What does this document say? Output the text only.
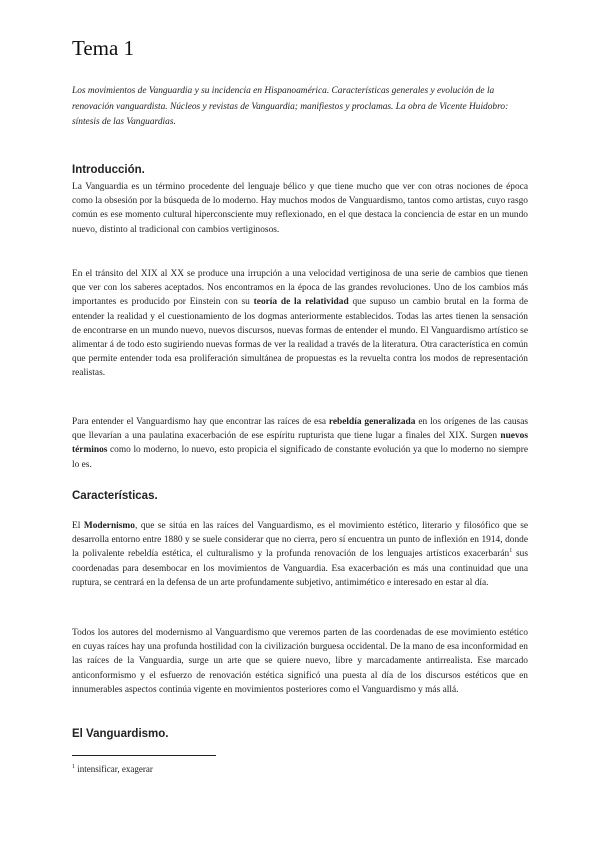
Tema 1

Los movimientos de Vanguardia y su incidencia en Hispanoamérica. Características generales y evolución de la renovación vanguardista. Núcleos y revistas de Vanguardia; manifiestos y proclamas. La obra de Vicente Huidobro: síntesis de las Vanguardias.

Introducción.

La Vanguardia es un término procedente del lenguaje bélico y que tiene mucho que ver con otras nociones de época como la obsesión por la búsqueda de lo moderno. Hay muchos modos de Vanguardismo, tantos como artistas, cuyo rasgo común es ese momento cultural hiperconsciente muy reflexionado, en el que destaca la conciencia de estar en un mundo nuevo, distinto al tradicional con cambios vertiginosos.

En el tránsito del XIX al XX se produce una irrupción a una velocidad vertiginosa de una serie de cambios que tienen que ver con los saberes aceptados. Nos encontramos en la época de las grandes revoluciones. Uno de los cambios más importantes es producido por Einstein con su teoría de la relatividad que supuso un cambio brutal en la forma de entender la realidad y el cuestionamiento de los dogmas anteriormente establecidos. Todas las artes tienen la sensación de encontrarse en un mundo nuevo, nuevos discursos, nuevas formas de entender el mundo. El Vanguardismo artístico se alimentar á de todo esto sugiriendo nuevas formas de ver la realidad a través de la literatura. Otra característica en común que permite entender toda esa proliferación simultánea de propuestas es la revuelta contra los modos de representación realistas.

Para entender el Vanguardismo hay que encontrar las raíces de esa rebeldía generalizada en los orígenes de las causas que llevarían a una paulatina exacerbación de ese espíritu rupturista que tiene lugar a finales del XIX. Surgen nuevos términos como lo moderno, lo nuevo, esto propicia el significado de constante evolución ya que lo moderno no siempre lo es.

Características.

El Modernismo, que se sitúa en las raíces del Vanguardismo, es el movimiento estético, literario y filosófico que se desarrolla entorno entre 1880 y se suele considerar que no cierra, pero sí encuentra un punto de inflexión en 1914, donde la polivalente rebeldía estética, el culturalismo y la profunda renovación de los lenguajes artísticos exacerbarán$^1$ sus coordenadas para desembocar en los movimientos de Vanguardia. Esa exacerbación es más una continuidad que una ruptura, se centrará en la defensa de un arte profundamente subjetivo, antimimético e interesado en estar al día.

Todos los autores del modernismo al Vanguardismo que veremos parten de las coordenadas de ese movimiento estético en cuyas raíces hay una profunda hostilidad con la civilización burguesa occidental. De la mano de esa inconformidad en las raíces de la Vanguardia, surge un arte que se quiere nuevo, libre y marcadamente antirrealista. Ese marcado anticonformismo y el esfuerzo de renovación estética significó una puesta al día de los discursos estéticos que en innumerables aspectos continúa vigente en movimientos posteriores como el Vanguardismo y más allá.

El Vanguardismo.

$^1$ intensificar, exagerar
